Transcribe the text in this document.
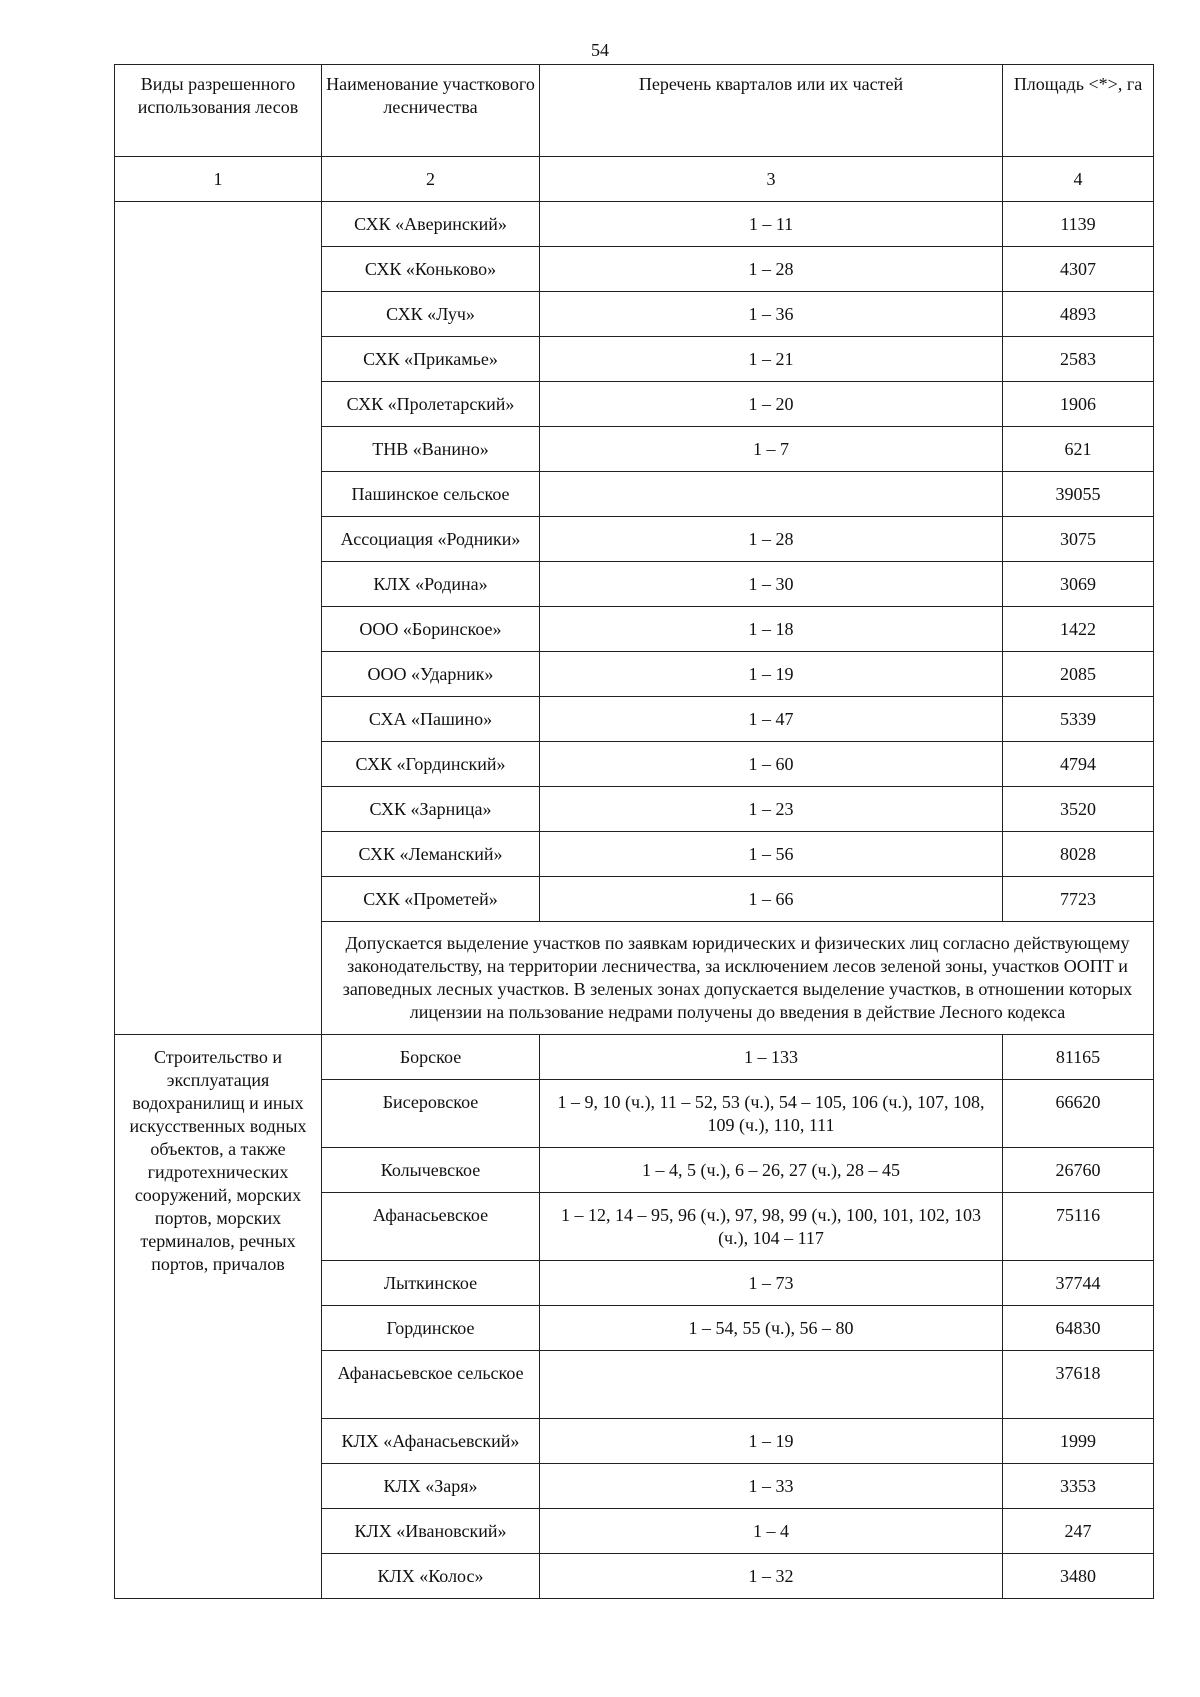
54
Виды разрешенного использования лесов	Наименование участкового лесничества	Перечень кварталов или их частей	Площадь <*>, га
1	2	3	4
	СХК «Аверинский»	1 – 11	1139
	СХК «Коньково»	1 – 28	4307
	СХК «Луч»	1 – 36	4893
	СХК «Прикамье»	1 – 21	2583
	СХК «Пролетарский»	1 – 20	1906
	ТНВ «Ванино»	1 – 7	621
	Пашинское сельское		39055
	Ассоциация «Родники»	1 – 28	3075
	КЛХ «Родина»	1 – 30	3069
	ООО «Боринское»	1 – 18	1422
	ООО «Ударник»	1 – 19	2085
	СХА «Пашино»	1 – 47	5339
	СХК «Гординский»	1 – 60	4794
	СХК «Зарница»	1 – 23	3520
	СХК «Леманский»	1 – 56	8028
	СХК «Прометей»	1 – 66	7723
	Допускается выделение участков по заявкам юридических и физических лиц согласно действующему законодательству, на территории лесничества, за исключением лесов зеленой зоны, участков ООПТ и заповедных лесных участков. В зеленых зонах допускается выделение участков, в отношении которых лицензии на пользование недрами получены до введения в действие Лесного кодекса		
Строительство и эксплуатация водохранилищ и иных искусственных водных объектов, а также гидротехнических сооружений, морских портов, морских терминалов, речных портов, причалов	Борское	1 – 133	81165
	Бисеровское	1 – 9, 10 (ч.), 11 – 52, 53 (ч.), 54 – 105, 106 (ч.), 107, 108, 109 (ч.), 110, 111	66620
	Колычевское	1 – 4, 5 (ч.), 6 – 26, 27 (ч.), 28 – 45	26760
	Афанасьевское	1 – 12, 14 – 95, 96 (ч.), 97, 98, 99 (ч.), 100, 101, 102, 103 (ч.), 104 – 117	75116
	Лыткинское	1 – 73	37744
	Гординское	1 – 54, 55 (ч.), 56 – 80	64830
	Афанасьевское сельское		37618
	КЛХ «Афанасьевский»	1 – 19	1999
	КЛХ «Заря»	1 – 33	3353
	КЛХ «Ивановский»	1 – 4	247
	КЛХ «Колос»	1 – 32	3480
